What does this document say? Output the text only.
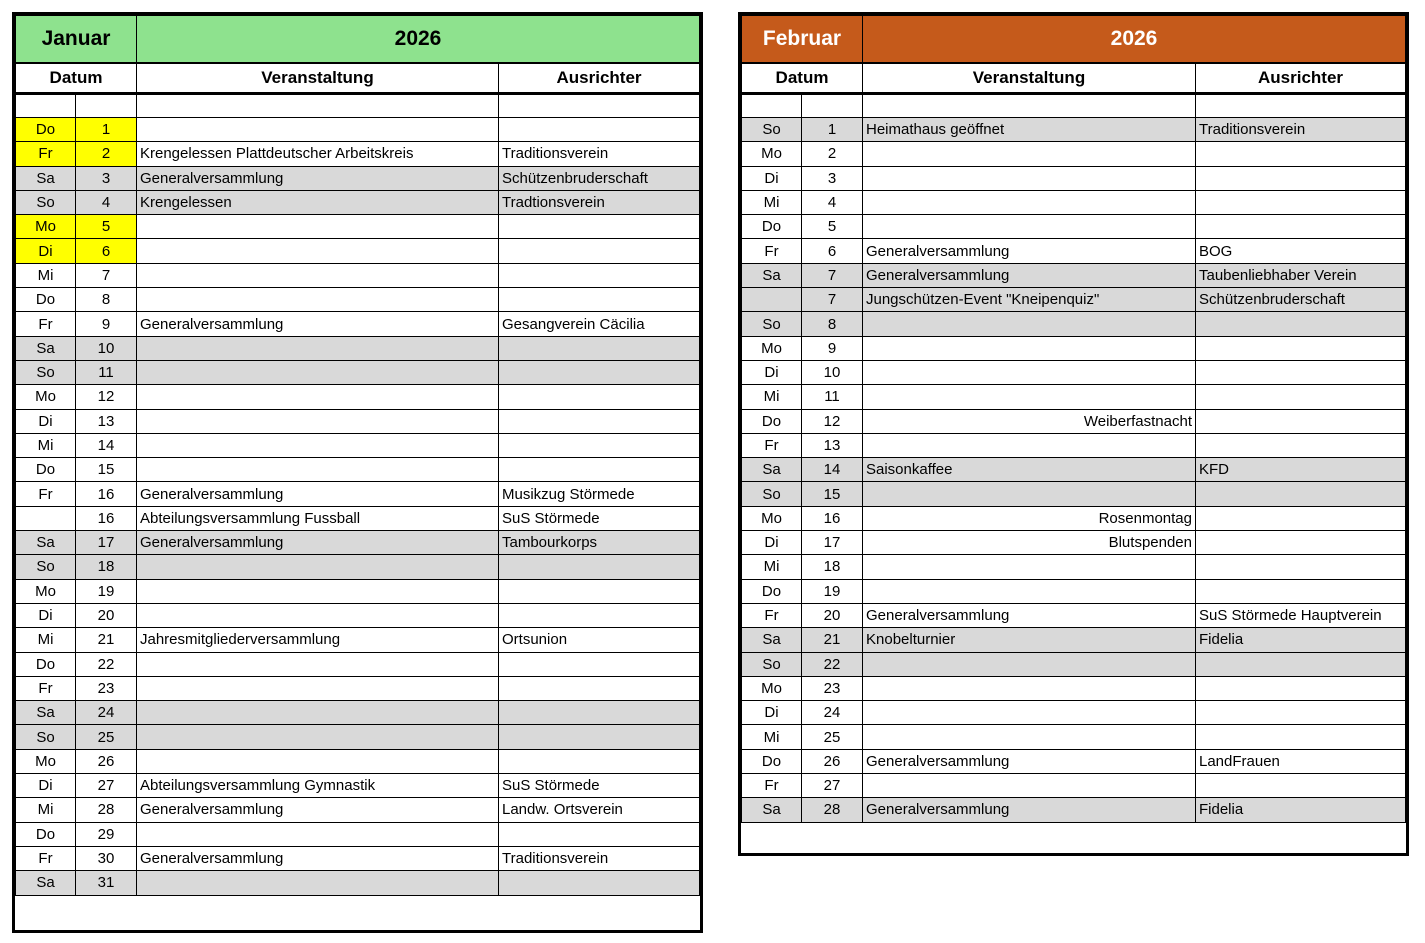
Januar		2026	
Datum		Veranstaltung	Ausrichter

Do	1		
Fr	2	Krengelessen Plattdeutscher Arbeitskreis	Traditionsverein
Sa	3	Generalversammlung	Schützenbruderschaft
So	4	Krengelessen	Tradtionsverein
Mo	5		
Di	6		
Mi	7		
Do	8		
Fr	9	Generalversammlung	Gesangverein Cäcilia
Sa	10		
So	11		
Mo	12		
Di	13		
Mi	14		
Do	15		
Fr	16	Generalversammlung	Musikzug Störmede
	16	Abteilungsversammlung Fussball	SuS Störmede
Sa	17	Generalversammlung	Tambourkorps
So	18		
Mo	19		
Di	20		
Mi	21	Jahresmitgliederversammlung	Ortsunion
Do	22		
Fr	23		
Sa	24		
So	25		
Mo	26		
Di	27	Abteilungsversammlung Gymnastik	SuS Störmede
Mi	28	Generalversammlung	Landw. Ortsverein
Do	29		
Fr	30	Generalversammlung	Traditionsverein
Sa	31		
Februar		2026	
Datum		Veranstaltung	Ausrichter

So	1	Heimathaus geöffnet	Traditionsverein
Mo	2		
Di	3		
Mi	4		
Do	5		
Fr	6	Generalversammlung	BOG
Sa	7	Generalversammlung	Taubenliebhaber Verein
	7	Jungschützen-Event "Kneipenquiz"	Schützenbruderschaft
So	8		
Mo	9		
Di	10		
Mi	11		
Do	12	Weiberfastnacht	
Fr	13		
Sa	14	Saisonkaffee	KFD
So	15		
Mo	16	Rosenmontag	
Di	17	Blutspenden	
Mi	18		
Do	19		
Fr	20	Generalversammlung	SuS Störmede Hauptverein
Sa	21	Knobelturnier	Fidelia
So	22		
Mo	23		
Di	24		
Mi	25		
Do	26	Generalversammlung	LandFrauen
Fr	27		
Sa	28	Generalversammlung	Fidelia
